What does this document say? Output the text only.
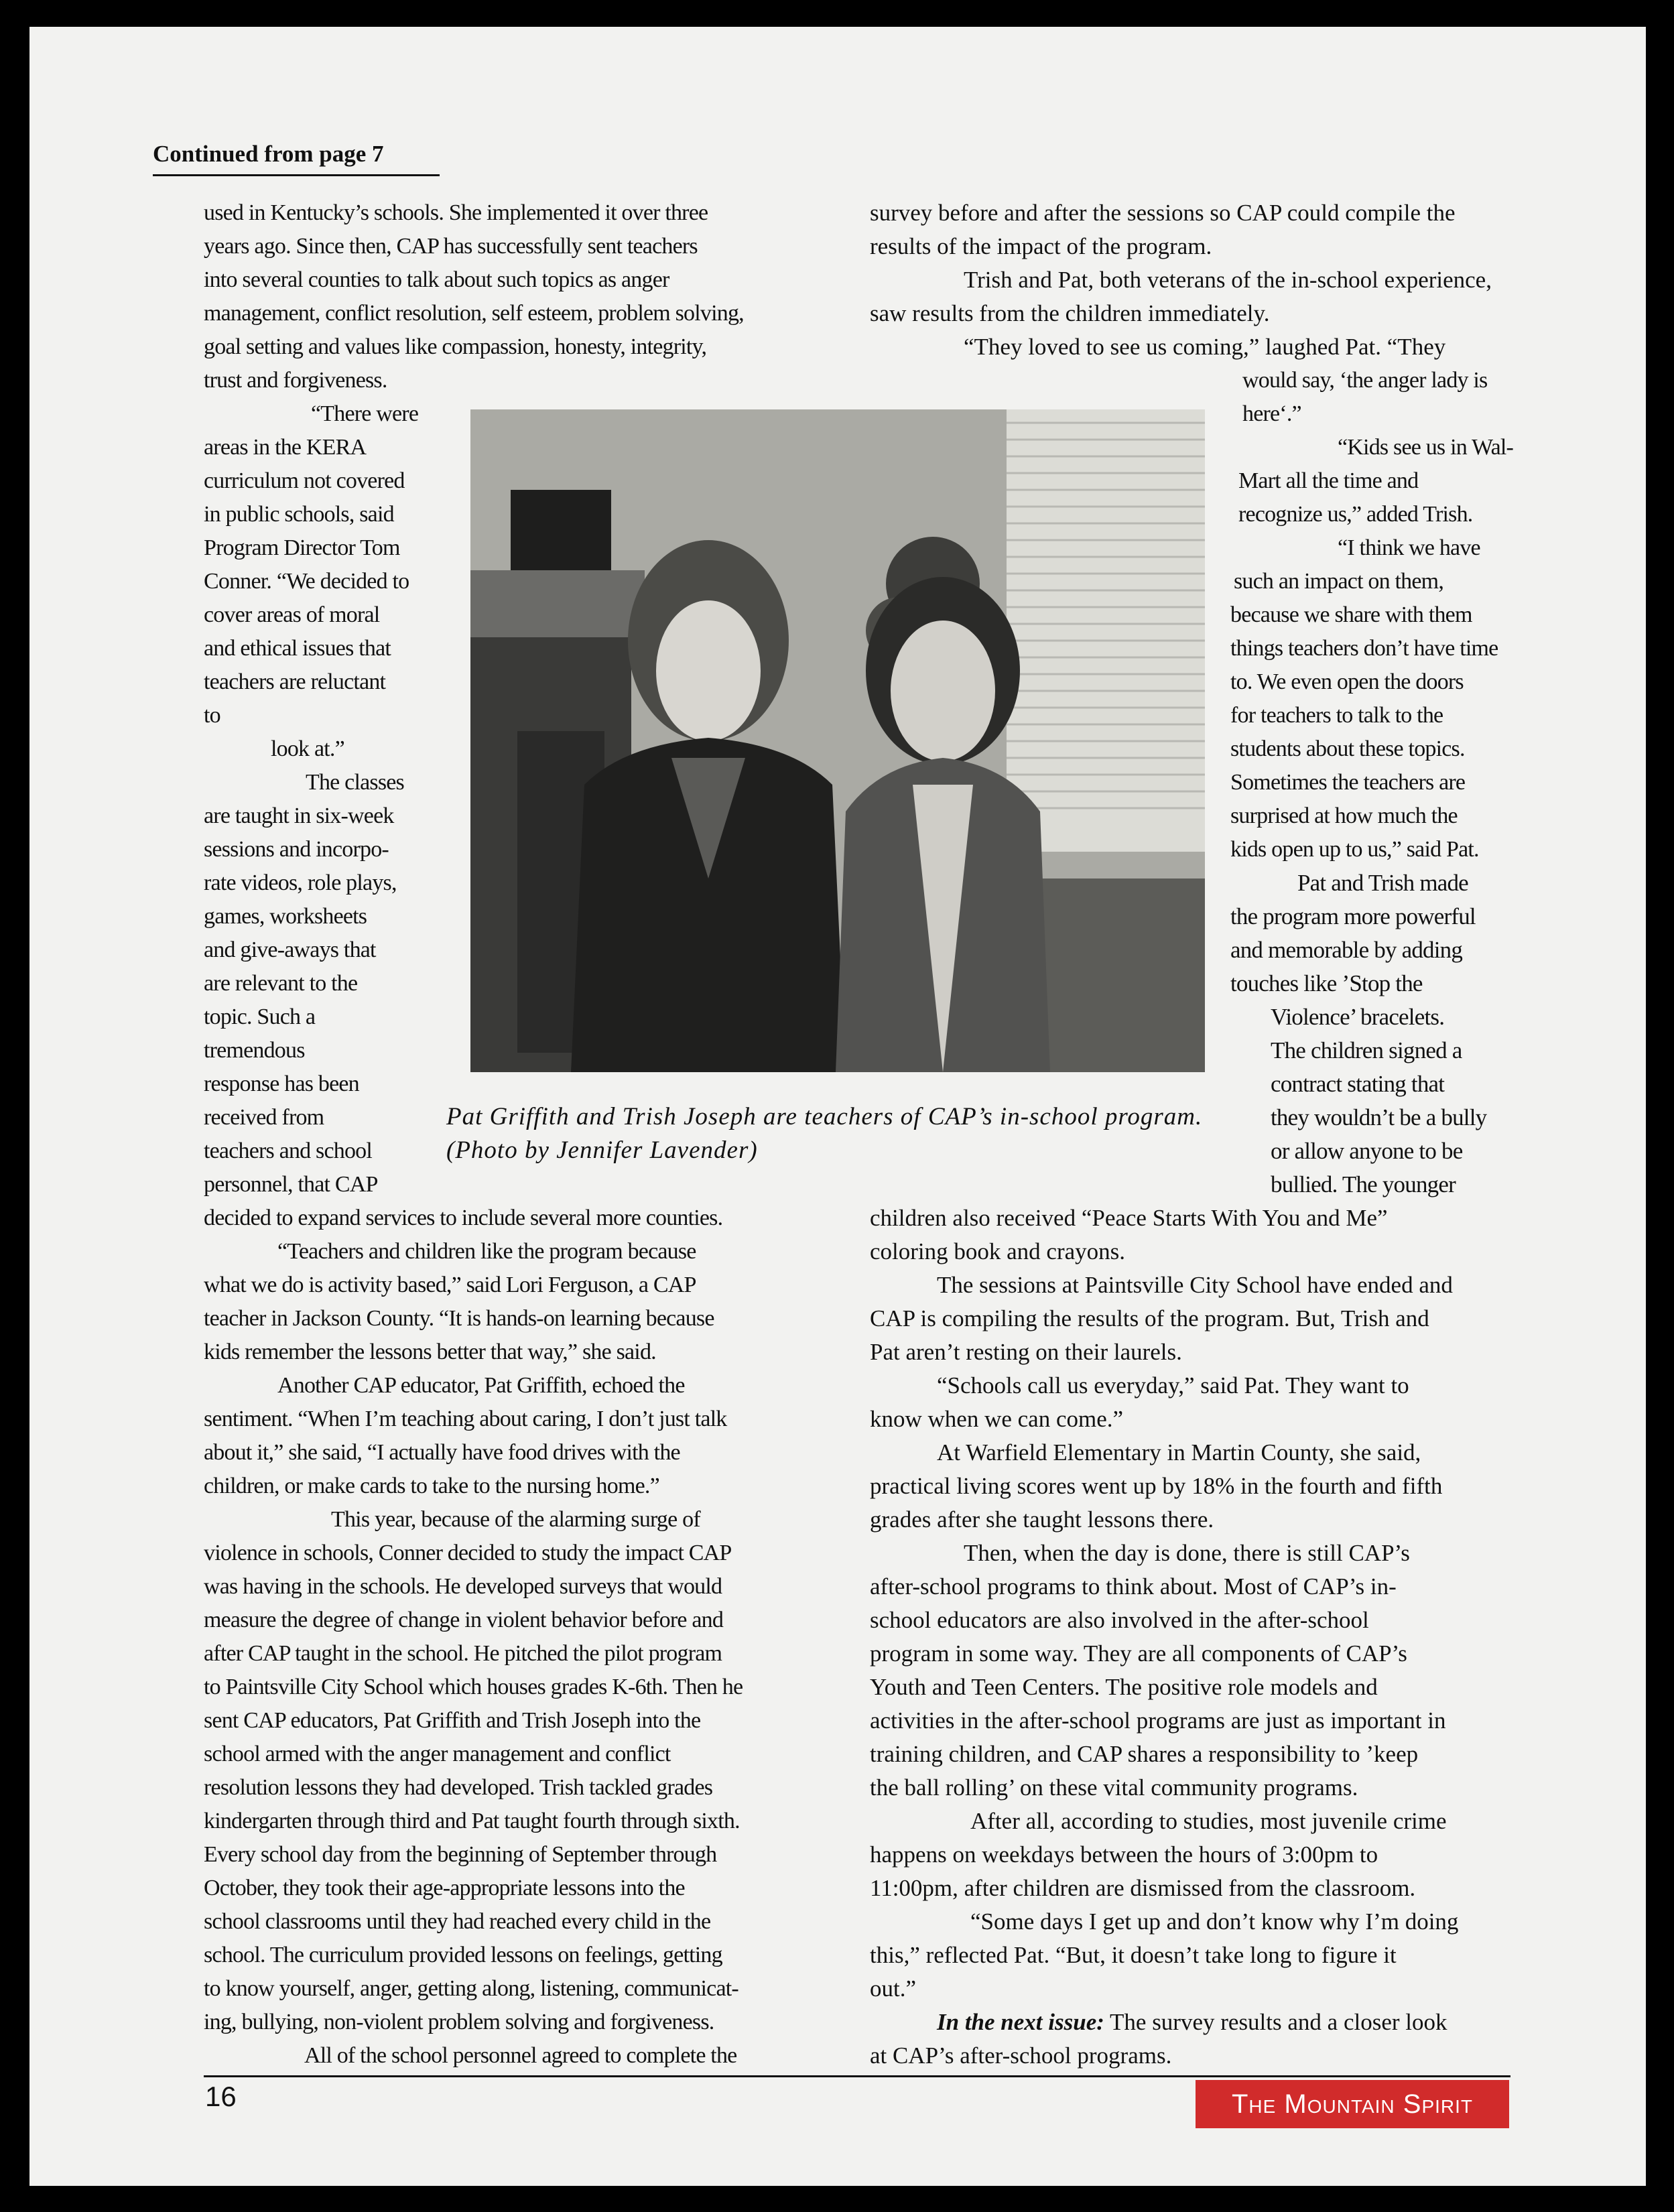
Continued from page 7

used in Kentucky’s schools. She implemented it over three

years ago. Since then, CAP has successfully sent teachers

into several counties to talk about such topics as anger

management, conflict resolution, self esteem, problem solving,

goal setting and values like compassion, honesty, integrity,

trust and forgiveness.

“There were

areas in the KERA

curriculum not covered

in public schools, said

Program Director Tom

Conner. “We decided to

cover areas of moral

and ethical issues that

teachers are reluctant

to

look at.”

The classes

are taught in six-week

sessions and incorpo-

rate videos, role plays,

games, worksheets

and give-aways that

are relevant to the

topic. Such a

tremendous

response has been

received from

teachers and school

personnel, that CAP

decided to expand services to include several more counties.

“Teachers and children like the program because

what we do is activity based,” said Lori Ferguson, a CAP

teacher in Jackson County. “It is hands-on learning because

kids remember the lessons better that way,” she said.

Another CAP educator, Pat Griffith, echoed the

sentiment. “When I’m teaching about caring, I don’t just talk

about it,” she said, “I actually have food drives with the

children, or make cards to take to the nursing home.”

This year, because of the alarming surge of

violence in schools, Conner decided to study the impact CAP

was having in the schools. He developed surveys that would

measure the degree of change in violent behavior before and

after CAP taught in the school. He pitched the pilot program

to Paintsville City School which houses grades K-6th. Then he

sent CAP educators, Pat Griffith and Trish Joseph into the

school armed with the anger management and conflict

resolution lessons they had developed. Trish tackled grades

kindergarten through third and Pat taught fourth through sixth.

Every school day from the beginning of September through

October, they took their age-appropriate lessons into the

school classrooms until they had reached every child in the

school. The curriculum provided lessons on feelings, getting

to know yourself, anger, getting along, listening, communicat-

ing, bullying, non-violent problem solving and forgiveness.

All of the school personnel agreed to complete the

Pat Griffith and Trish Joseph are teachers of CAP’s in-school program.
(Photo by Jennifer Lavender)

survey before and after the sessions so CAP could compile the

results of the impact of the program.

Trish and Pat, both veterans of the in-school experience,

saw results from the children immediately.

“They loved to see us coming,” laughed Pat. “They

would say, ‘the anger lady is

here‘.”

“Kids see us in Wal-

Mart all the time and

recognize us,” added Trish.

“I think we have

such an impact on them,

because we share with them

things teachers don’t have time

to. We even open the doors

for teachers to talk to the

students about these topics.

Sometimes the teachers are

surprised at how much the

kids open up to us,” said Pat.

Pat and Trish made

the program more powerful

and memorable by adding

touches like ’Stop the

Violence’ bracelets.

The children signed a

contract stating that

they wouldn’t be a bully

or allow anyone to be

bullied. The younger

children also received “Peace Starts With You and Me”

coloring book and crayons.

The sessions at Paintsville City School have ended and

CAP is compiling the results of the program. But, Trish and

Pat aren’t resting on their laurels.

“Schools call us everyday,” said Pat. They want to

know when we can come.”

At Warfield Elementary in Martin County, she said,

practical living scores went up by 18% in the fourth and fifth

grades after she taught lessons there.

Then, when the day is done, there is still CAP’s

after-school programs to think about. Most of CAP’s in-

school educators are also involved in the after-school

program in some way. They are all components of CAP’s

Youth and Teen Centers. The positive role models and

activities in the after-school programs are just as important in

training children, and CAP shares a responsibility to ’keep

the ball rolling’ on these vital community programs.

After all, according to studies, most juvenile crime

happens on weekdays between the hours of 3:00pm to

11:00pm, after children are dismissed from the classroom.

“Some days I get up and don’t know why I’m doing

this,” reflected Pat. “But, it doesn’t take long to figure it

out.”

In the next issue: The survey results and a closer look

at CAP’s after-school programs.

16	The Mountain Spirit
